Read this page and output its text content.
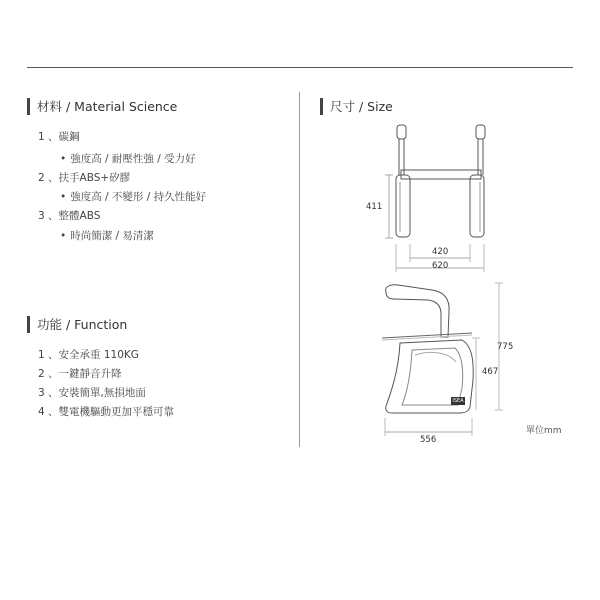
材料 / Material Science
1 、碳鋼
• 強度高 / 耐壓性強 / 受力好
2 、扶手ABS+矽膠
• 強度高 / 不變形 / 持久性能好
3 、整體ABS
• 時尚簡潔 / 易清潔
功能 / Function
1 、安全承重 110KG
2 、一鍵靜音升降
3 、安裝簡單,無損地面
4 、雙電機驅動更加平穩可靠
尺寸 / Size
411
420
620
775
467
556
ISEA
單位mm
